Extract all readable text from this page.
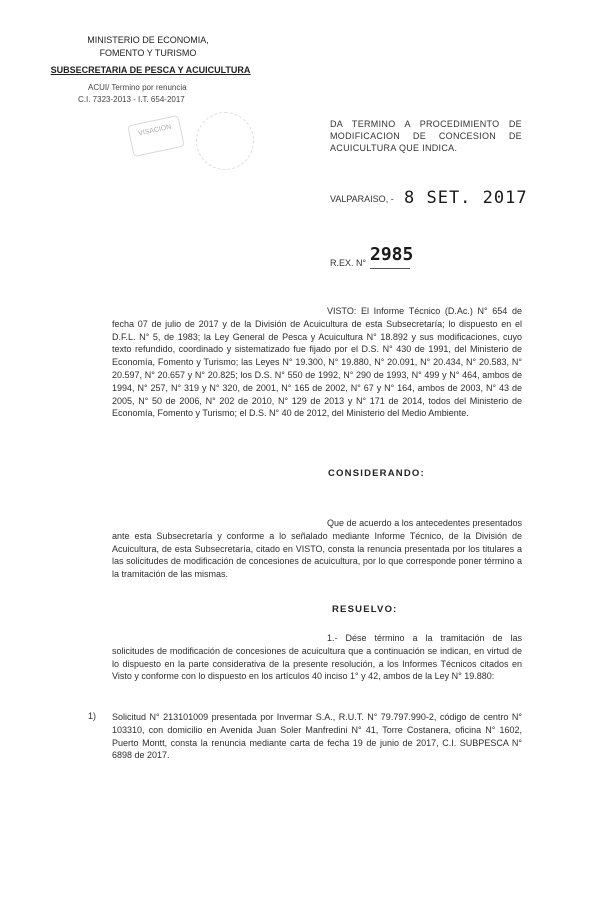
MINISTERIO DE ECONOMIA,
FOMENTO Y TURISMO
SUBSECRETARIA DE PESCA Y ACUICULTURA
ACUI/ Termino por renuncia
C.I. 7323-2013 - I.T. 654-2017
VISACION	DA TERMINO A PROCEDIMIENTO DE MODIFICACION DE CONCESION DE ACUICULTURA QUE INDICA.
VALPARAISO, - 8 SET. 2017
R.EX. N° 2985
VISTO: El Informe Técnico (D.Ac.) N° 654 de fecha 07 de julio de 2017 y de la División de Acuicultura de esta Subsecretaría; lo dispuesto en el D.F.L. N° 5, de 1983; la Ley General de Pesca y Acuicultura N° 18.892 y sus modificaciones, cuyo texto refundido, coordinado y sistematizado fue fijado por el D.S. N° 430 de 1991, del Ministerio de Economía, Fomento y Turismo; las Leyes N° 19.300, N° 19.880, N° 20.091, N° 20.434, N° 20.583, N° 20.597, N° 20.657 y N° 20.825; los D.S. N° 550 de 1992, N° 290 de 1993, N° 499 y N° 464, ambos de 1994, N° 257, N° 319 y N° 320, de 2001, N° 165 de 2002, N° 67 y N° 164, ambos de 2003, N° 43 de 2005, N° 50 de 2006, N° 202 de 2010, N° 129 de 2013 y N° 171 de 2014, todos del Ministerio de Economía, Fomento y Turismo; el D.S. N° 40 de 2012, del Ministerio del Medio Ambiente.
CONSIDERANDO:
Que de acuerdo a los antecedentes presentados ante esta Subsecretaría y conforme a lo señalado mediante Informe Técnico, de la División de Acuicultura, de esta Subsecretaría, citado en VISTO, consta la renuncia presentada por los titulares a las solicitudes de modificación de concesiones de acuicultura, por lo que corresponde poner término a la tramitación de las mismas.
RESUELVO:
1.- Dése término a la tramitación de las solicitudes de modificación de concesiones de acuicultura que a continuación se indican, en virtud de lo dispuesto en la parte considerativa de la presente resolución, a los Informes Técnicos citados en Visto y conforme con lo dispuesto en los artículos 40 inciso 1° y 42, ambos de la Ley N° 19.880:
1) Solicitud N° 213101009 presentada por Invermar S.A., R.U.T. N° 79.797.990-2, código de centro N° 103310, con domicilio en Avenida Juan Soler Manfredini N° 41, Torre Costanera, oficina N° 1602, Puerto Montt, consta la renuncia mediante carta de fecha 19 de junio de 2017, C.I. SUBPESCA N° 6898 de 2017.
